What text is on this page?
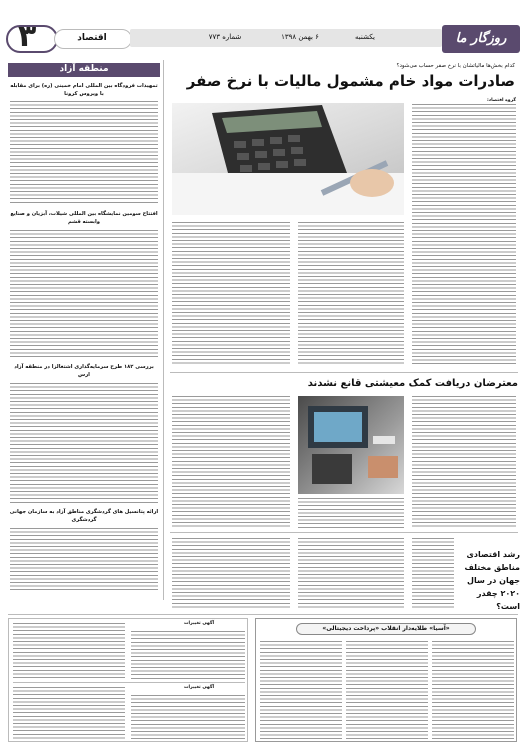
۳	اقتصاد	شماره ۷۷۳	۶ بهمن ۱۳۹۸	یکشنبه	روزگار ما
منطقه آزاد
تمهیدات فرودگاه بین المللی امام خمینی (ره) برای مقابله با ویروس کرونا
افتتاح سومین نمایشگاه بین المللی شیلات، آبزیان و صنایع وابسته قشم
بررسی ۱۸۲ طرح سرمایه‌گذاری اشتغالزا در منطقه آزاد ارس
ارائه پتانسیل های گردشگری مناطق آزاد به سازمان جهانی گردشگری
کدام بخش‌ها مالیاتشان با نرخ صفر حساب می‌شود؟
صادرات مواد خام مشمول مالیات با نرخ صفر
گروه اقتصاد:
معترضان دریافت کمک معیشتی قانع نشدند
رشد اقتصادی مناطق مختلف جهان در سال ۲۰۲۰ چقدر است؟
آگهی تغییرات
آگهی تغییرات
«آسیا» طلایه‌دار انقلاب «پرداخت دیجیتالی»
